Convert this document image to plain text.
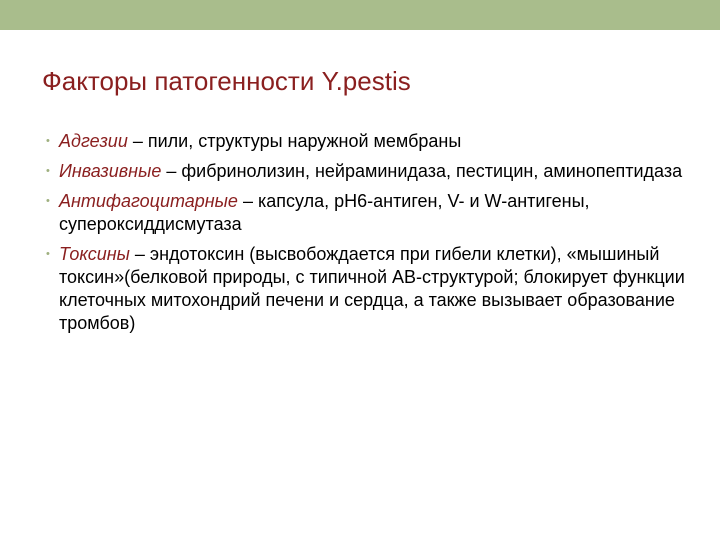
Факторы патогенности Y.pestis
• Адгезии – пили, структуры наружной мембраны
• Инвазивные – фибринолизин, нейраминидаза, пестицин, аминопептидаза
• Антифагоцитарные – капсула, рН6-антиген, V- и W-антигены, супероксиддисмутаза
• Токсины – эндотоксин (высвобождается при гибели клетки), «мышиный токсин»(белковой природы, с типичной АВ-структурой; блокирует функции клеточных митохондрий печени и сердца, а также вызывает образование тромбов)
